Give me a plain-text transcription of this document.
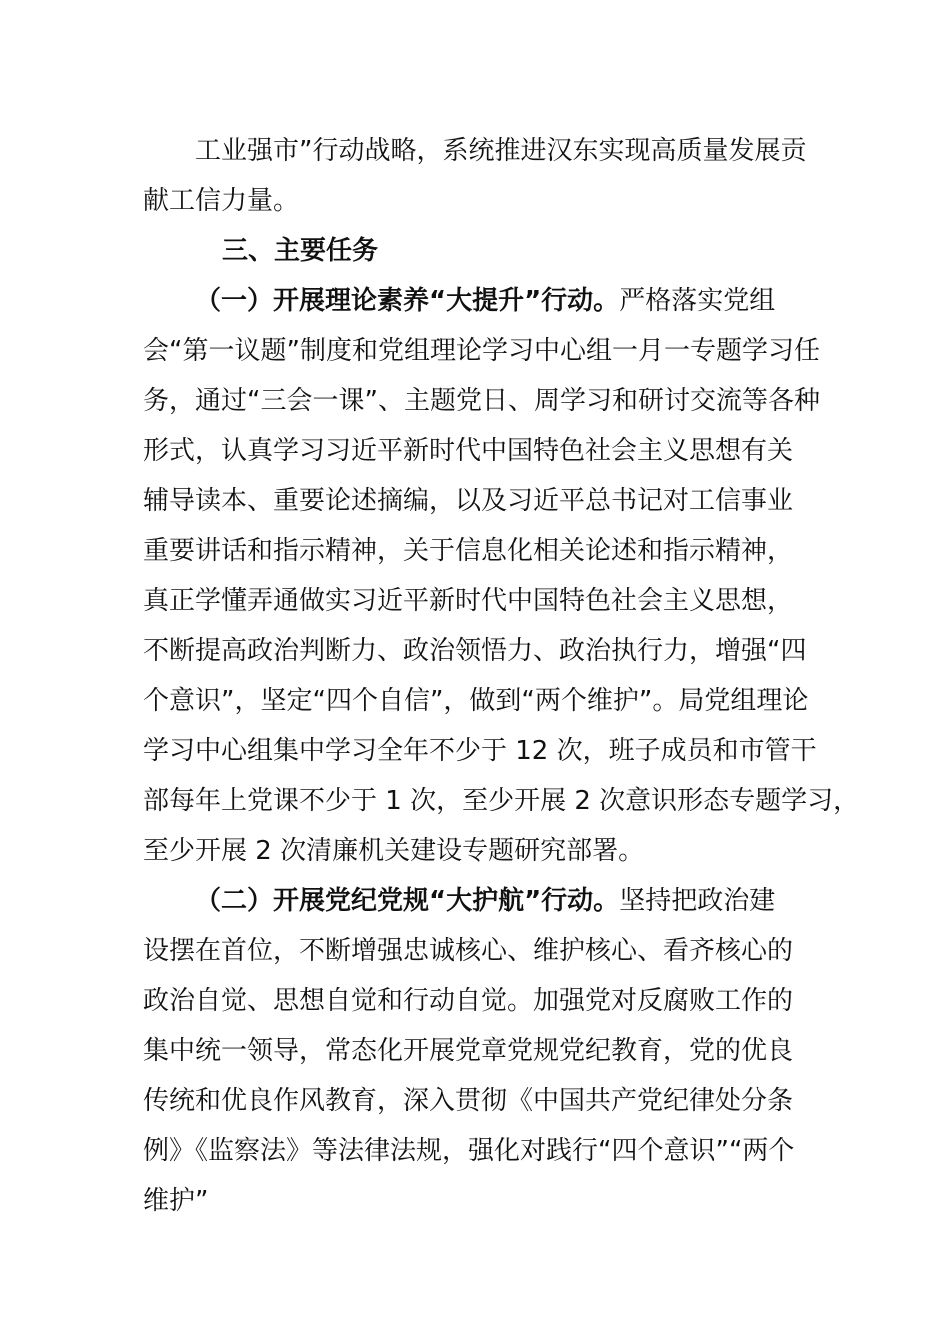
工业强市”行动战略，系统推进汉东实现高质量发展贡
献工信力量。
三、主要任务
（一）开展理论素养“大提升”行动。严格落实党组
会“第一议题”制度和党组理论学习中心组一月一专题学习任
务，通过“三会一课”、主题党日、周学习和研讨交流等各种
形式，认真学习习近平新时代中国特色社会主义思想有关
辅导读本、重要论述摘编，以及习近平总书记对工信事业
重要讲话和指示精神，关于信息化相关论述和指示精神，
真正学懂弄通做实习近平新时代中国特色社会主义思想，
不断提高政治判断力、政治领悟力、政治执行力，增强“四
个意识”，坚定“四个自信”，做到“两个维护”。局党组理论
学习中心组集中学习全年不少于 12 次，班子成员和市管干
部每年上党课不少于 1 次，至少开展 2 次意识形态专题学习，
至少开展 2 次清廉机关建设专题研究部署。
（二）开展党纪党规“大护航”行动。坚持把政治建
设摆在首位，不断增强忠诚核心、维护核心、看齐核心的
政治自觉、思想自觉和行动自觉。加强党对反腐败工作的
集中统一领导，常态化开展党章党规党纪教育，党的优良
传统和优良作风教育，深入贯彻《中国共产党纪律处分条
例》《监察法》等法律法规，强化对践行“四个意识”“两个
维护”
